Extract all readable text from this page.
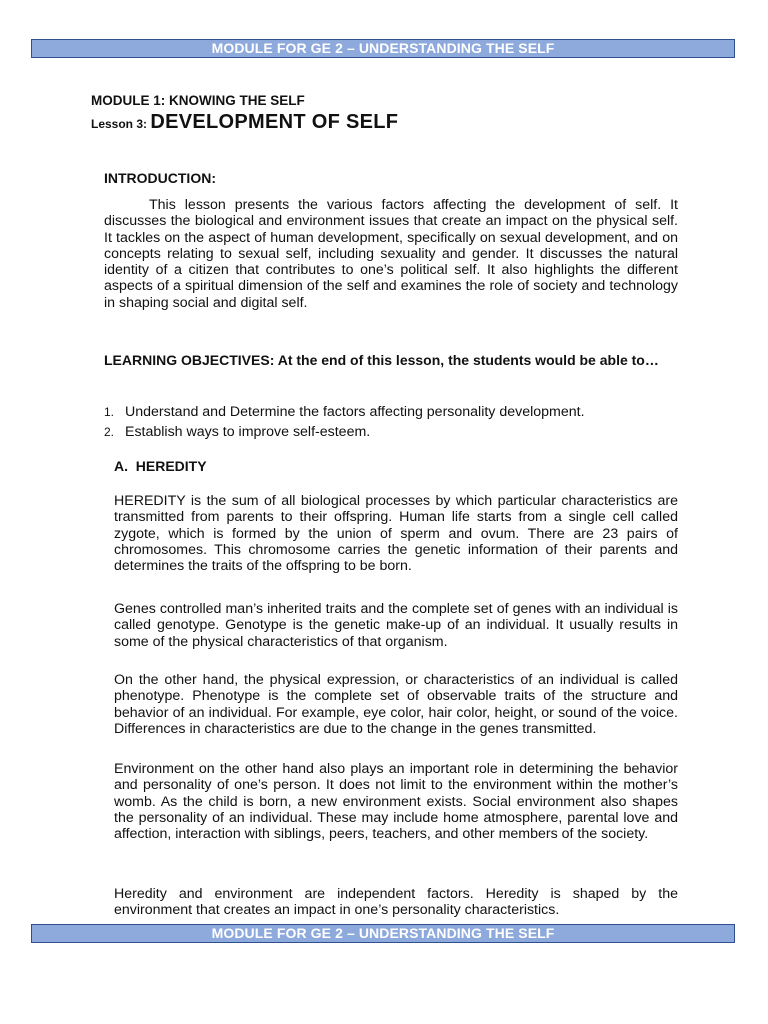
MODULE FOR GE 2 – UNDERSTANDING THE SELF
MODULE 1: KNOWING THE SELF
Lesson 3: DEVELOPMENT OF SELF
INTRODUCTION:
This lesson presents the various factors affecting the development of self. It discusses the biological and environment issues that create an impact on the physical self. It tackles on the aspect of human development, specifically on sexual development, and on concepts relating to sexual self, including sexuality and gender. It discusses the natural identity of a citizen that contributes to one’s political self. It also highlights the different aspects of a spiritual dimension of the self and examines the role of society and technology in shaping social and digital self.
LEARNING OBJECTIVES: At the end of this lesson, the students would be able to…
1. Understand and Determine the factors affecting personality development.
2. Establish ways to improve self-esteem.
A.  HEREDITY
HEREDITY is the sum of all biological processes by which particular characteristics are transmitted from parents to their offspring. Human life starts from a single cell called zygote, which is formed by the union of sperm and ovum. There are 23 pairs of chromosomes. This chromosome carries the genetic information of their parents and determines the traits of the offspring to be born.
Genes controlled man’s inherited traits and the complete set of genes with an individual is called genotype. Genotype is the genetic make-up of an individual. It usually results in some of the physical characteristics of that organism.
On the other hand, the physical expression, or characteristics of an individual is called phenotype. Phenotype is the complete set of observable traits of the structure and behavior of an individual. For example, eye color, hair color, height, or sound of the voice. Differences in characteristics are due to the change in the genes transmitted.
Environment on the other hand also plays an important role in determining the behavior and personality of one’s person. It does not limit to the environment within the mother’s womb. As the child is born, a new environment exists. Social environment also shapes the personality of an individual. These may include home atmosphere, parental love and affection, interaction with siblings, peers, teachers, and other members of the society.
Heredity and environment are independent factors. Heredity is shaped by the environment that creates an impact in one’s personality characteristics.
MODULE FOR GE 2 – UNDERSTANDING THE SELF
